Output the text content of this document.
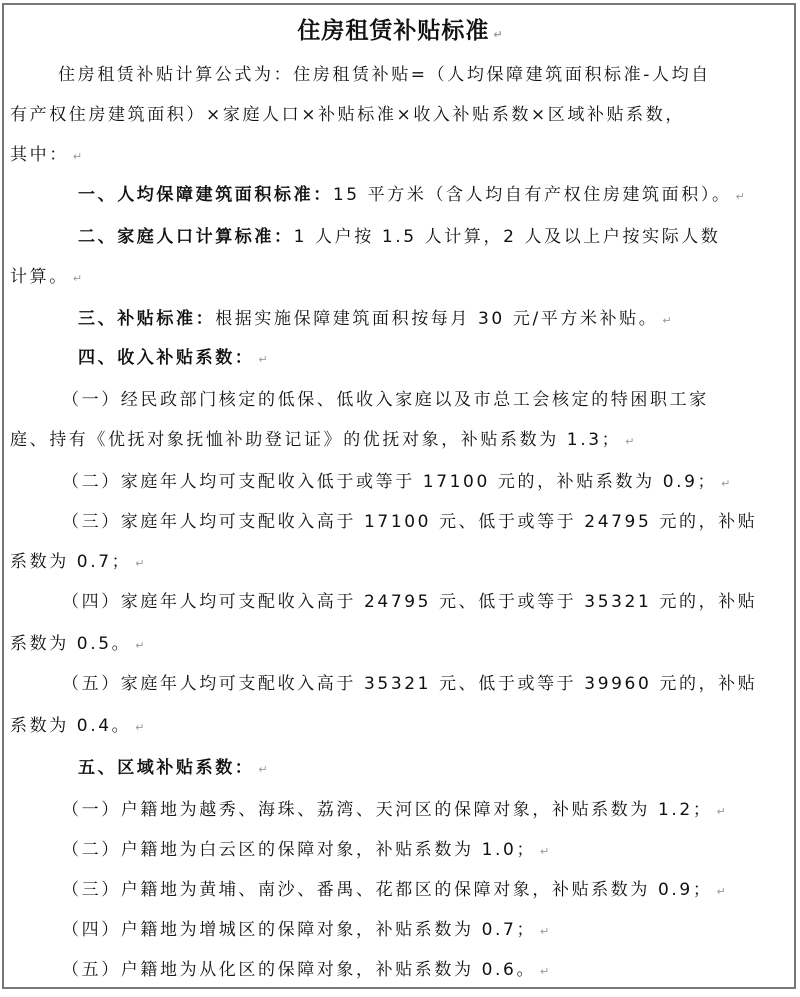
住房租赁补贴标准 ↵
住房租赁补贴计算公式为：住房租赁补贴=（人均保障建筑面积标准-人均自
有产权住房建筑面积）×家庭人口×补贴标准×收入补贴系数×区域补贴系数，
其中： ↵
一、人均保障建筑面积标准：15 平方米（含人均自有产权住房建筑面积）。 ↵
二、家庭人口计算标准：1 人户按 1.5 人计算，2 人及以上户按实际人数
计算。 ↵
三、补贴标准：根据实施保障建筑面积按每月 30 元/平方米补贴。 ↵
四、收入补贴系数： ↵
（一）经民政部门核定的低保、低收入家庭以及市总工会核定的特困职工家
庭、持有《优抚对象抚恤补助登记证》的优抚对象，补贴系数为 1.3； ↵
（二）家庭年人均可支配收入低于或等于 17100 元的，补贴系数为 0.9； ↵
（三）家庭年人均可支配收入高于 17100 元、低于或等于 24795 元的，补贴
系数为 0.7； ↵
（四）家庭年人均可支配收入高于 24795 元、低于或等于 35321 元的，补贴
系数为 0.5。 ↵
（五）家庭年人均可支配收入高于 35321 元、低于或等于 39960 元的，补贴
系数为 0.4。 ↵
五、区域补贴系数： ↵
（一）户籍地为越秀、海珠、荔湾、天河区的保障对象，补贴系数为 1.2； ↵
（二）户籍地为白云区的保障对象，补贴系数为 1.0； ↵
（三）户籍地为黄埔、南沙、番禺、花都区的保障对象，补贴系数为 0.9； ↵
（四）户籍地为增城区的保障对象，补贴系数为 0.7； ↵
（五）户籍地为从化区的保障对象，补贴系数为 0.6。 ↵
